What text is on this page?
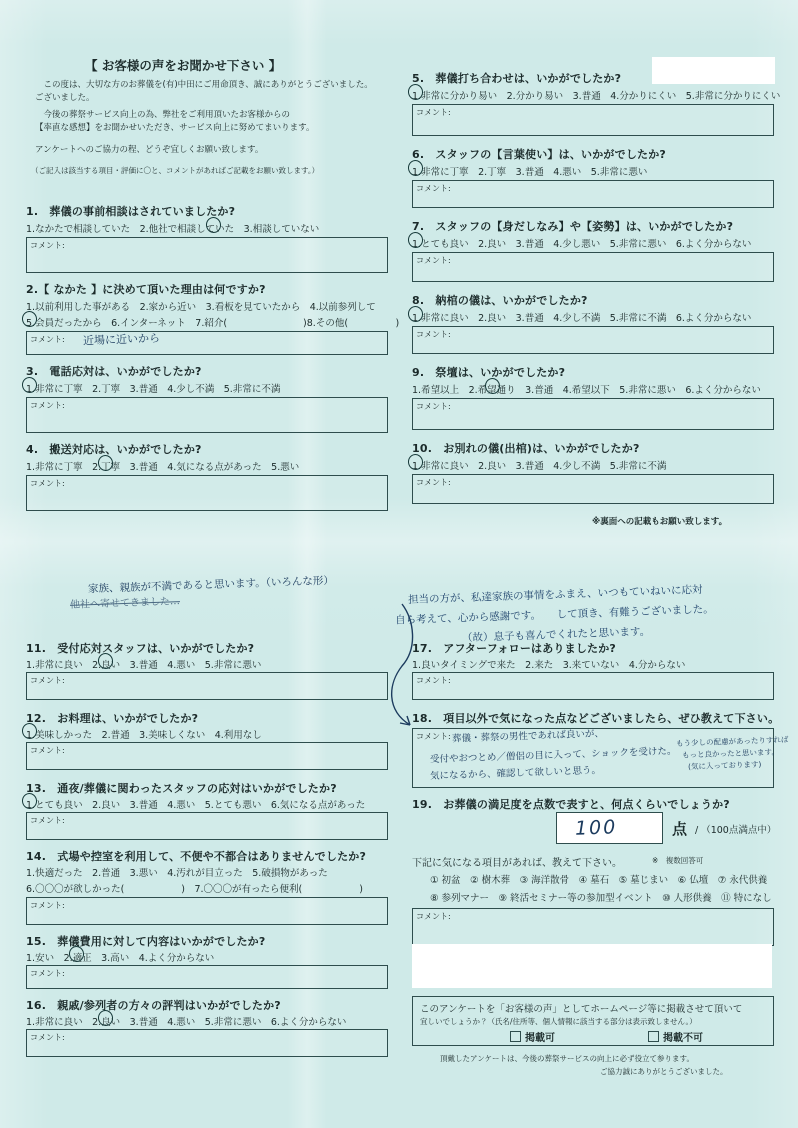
【 お客様の声をお聞かせ下さい 】
　この度は、大切な方のお葬儀を(有)中田にご用命頂き、誠にありがとうございました。
ございました。
　今後の葬祭サービス向上の為、弊社をご利用頂いたお客様からの
【率直な感想】をお聞かせいただき、サービス向上に努めてまいります。
アンケートへのご協力の程、どうぞ宜しくお願い致します。
（ご記入は該当する項目・評価に〇と、コメントがあればご記載をお願い致します。）
1.　葬儀の事前相談はされていましたか?
1.なかたで相談していた　2.他社で相談していた　3.相談していない
コメント:
2.【 なかた 】に決めて頂いた理由は何ですか?
1.以前利用した事がある　2.家から近い　3.看板を見ていたから　4.以前参列して
5.会員だったから　6.インターネット　7.紹介(　　　　　　　　)8.その他(　　　　　)
コメント: 近場に近いから
3.　電話応対は、いかがでしたか?
1.非常に丁寧　2.丁寧　3.普通　4.少し不満　5.非常に不満
コメント:
4.　搬送対応は、いかがでしたか?
1.非常に丁寧　2.丁寧　3.普通　4.気になる点があった　5.悪い
コメント:
5.　葬儀打ち合わせは、いかがでしたか?
1.非常に分かり易い　2.分かり易い　3.普通　4.分かりにくい　5.非常に分かりにくい
コメント:
6.　スタッフの【言葉使い】は、いかがでしたか?
1.非常に丁寧　2.丁寧　3.普通　4.悪い　5.非常に悪い
コメント:
7.　スタッフの【身だしなみ】や【姿勢】は、いかがでしたか?
1.とても良い　2.良い　3.普通　4.少し悪い　5.非常に悪い　6.よく分からない
コメント:
8.　納棺の儀は、いかがでしたか?
1.非常に良い　2.良い　3.普通　4.少し不満　5.非常に不満　6.よく分からない
コメント:
9.　祭壇は、いかがでしたか?
1.希望以上　2.希望通り　3.普通　4.希望以下　5.非常に悪い　6.よく分からない
コメント:
10.　お別れの儀(出棺)は、いかがでしたか?
1.非常に良い　2.良い　3.普通　4.少し不満　5.非常に不満
コメント:
※裏面への記載もお願い致します。
家族、親族が不満であると思います。（いろんな形）
他社へ寄せてきました…	担当の方が、私達家族の事情をふまえ、いつもていねいに応対
自ら考えて、心から感謝です。　　して頂き、有難うございました。
（故）息子も喜んでくれたと思います。
11.　受付応対スタッフは、いかがでしたか?
1.非常に良い　2.良い　3.普通　4.悪い　5.非常に悪い
コメント:
12.　お料理は、いかがでしたか?
1.美味しかった　2.普通　3.美味しくない　4.利用なし
コメント:
13.　通夜/葬儀に関わったスタッフの応対はいかがでしたか?
1.とても良い　2.良い　3.普通　4.悪い　5.とても悪い　6.気になる点があった
コメント:
14.　式場や控室を利用して、不便や不都合はありませんでしたか?
1.快適だった　2.普通　3.悪い　4.汚れが目立った　5.破損物があった
6.〇〇〇が欲しかった(　　　　　　)　7.〇〇〇が有ったら便利(　　　　　　)
コメント:
15.　葬儀費用に対して内容はいかがでしたか?
1.安い　2.適正　3.高い　4.よく分からない
コメント:
16.　親戚/参列者の方々の評判はいかがでしたか?
1.非常に良い　2.良い　3.普通　4.悪い　5.非常に悪い　6.よく分からない
コメント:
17.　アフターフォローはありましたか?
1.良いタイミングで来た　2.来た　3.来ていない　4.分からない
コメント:
18.　項目以外で気になった点などございましたら、ぜひ教えて下さい。
コメント: 葬儀・葬祭の男性であれば良いが、
受付やおつとめ／僧侶の目に入って、ショックを受けた。
気になるから、確認して欲しいと思う。
もう少しの配慮があったりすれば
もっと良かったと思います。
(気に入っております)
19.　お葬儀の満足度を点数で表すと、何点くらいでしょうか?
100	点 / （100点満点中）
下記に気になる項目があれば、教えて下さい。	※　複数回答可
① 初盆　② 樹木葬　③ 海洋散骨　④ 墓石　⑤ 墓じまい　⑥ 仏壇　⑦ 永代供養
⑧ 参列マナー　⑨ 終活セミナー等の参加型イベント　⑩ 人形供養　⑪ 特になし
コメント:
このアンケートを「お客様の声」としてホームページ等に掲載させて頂いて
宜しいでしょうか？（氏名/住所等、個人情報に該当する部分は表示致しません。）
掲載可	掲載不可
頂戴したアンケートは、今後の葬祭サービスの向上に必ず役立て参ります。
ご協力誠にありがとうございました。
